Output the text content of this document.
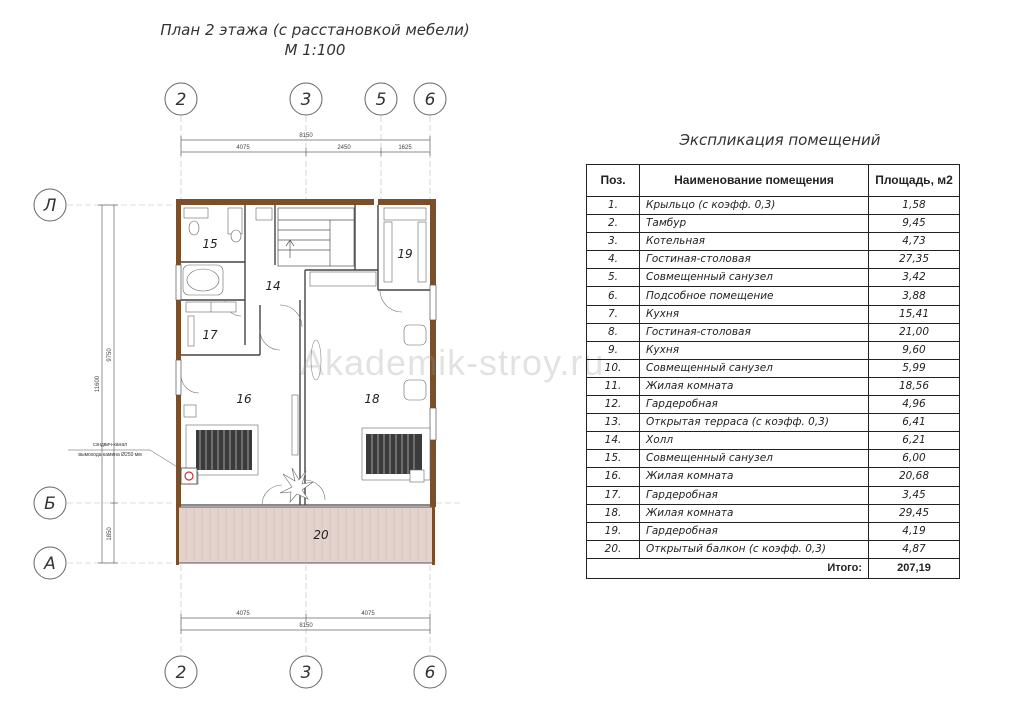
План 2 этажа (с расстановкой мебели)
М 1:100
2	3	5 6
2	3	6
Л
Б
А
8150
4075	2450	1625
4075	4075
8150
11600
9750
1850
сэндвич-канал
вымохода камина Ø250 мм
14
15
16
17
18
19
20
Akademik-stroy.ru
Экспликация помещений
Поз.	Наименование помещения	Площадь, м2
1.	Крыльцо (с коэфф. 0,3)	1,58
2.	Тамбур	9,45
3.	Котельная	4,73
4.	Гостиная-столовая	27,35
5.	Совмещенный санузел	3,42
6.	Подсобное помещение	3,88
7.	Кухня	15,41
8.	Гостиная-столовая	21,00
9.	Кухня	9,60
10.	Совмещенный санузел	5,99
11.	Жилая комната	18,56
12.	Гардеробная	4,96
13.	Открытая терраса (с коэфф. 0,3)	6,41
14.	Холл	6,21
15.	Совмещенный санузел	6,00
16.	Жилая комната	20,68
17.	Гардеробная	3,45
18.	Жилая комната	29,45
19.	Гардеробная	4,19
20.	Открытый балкон (с коэфф. 0,3)	4,87
Итого:		207,19
